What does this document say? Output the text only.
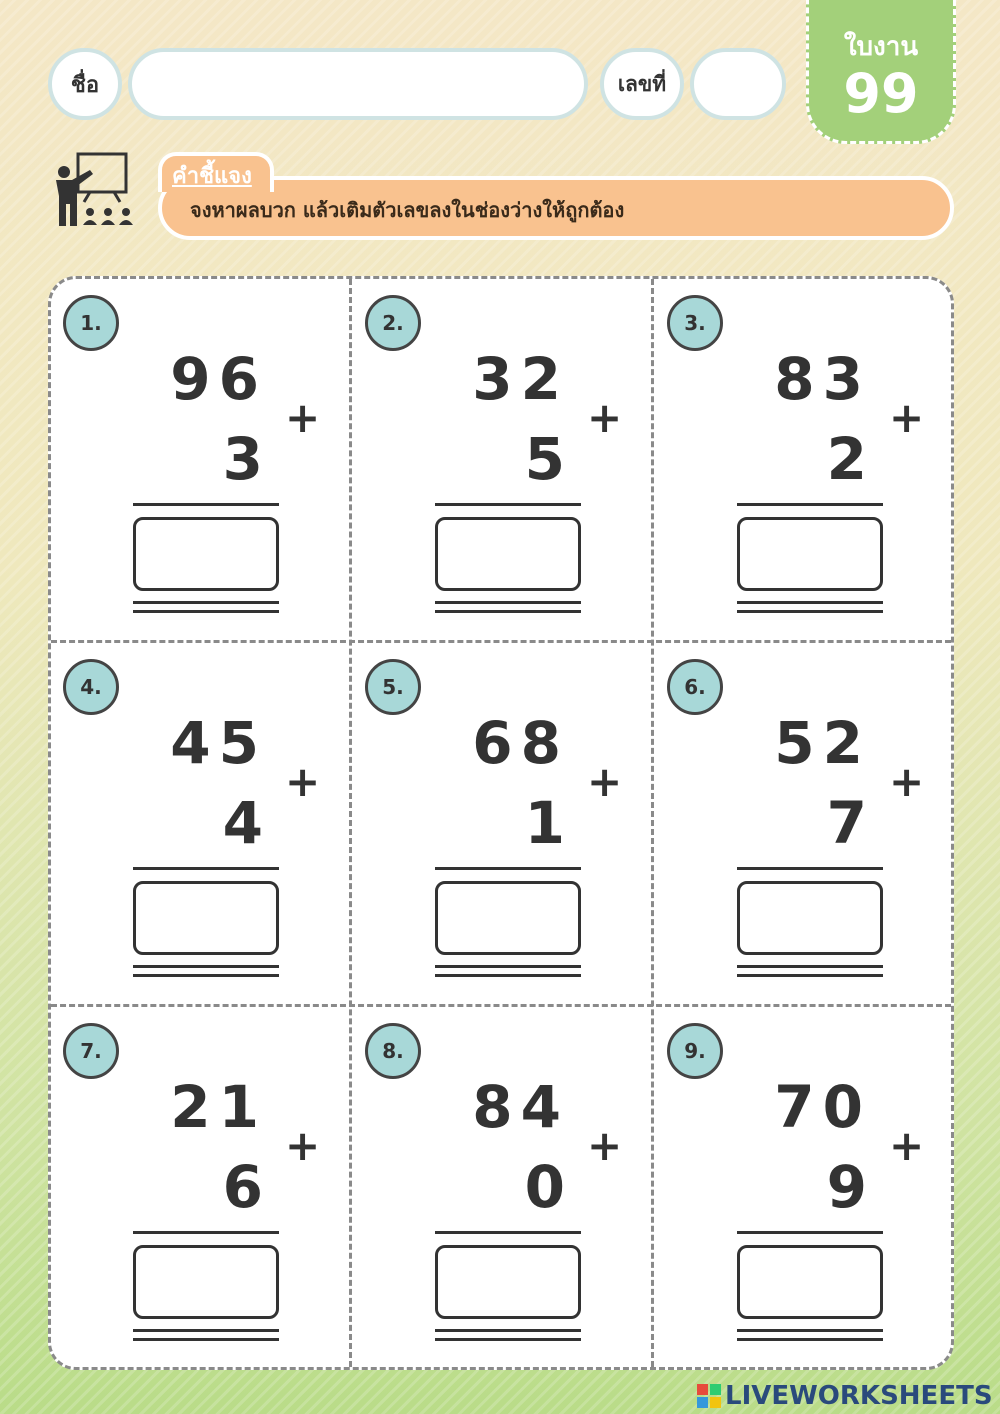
ชื่อ	เลขที่
ใบงาน
99
คำชี้แจง
จงหาผลบวก แล้วเติมตัวเลขลงในช่องว่างให้ถูกต้อง
1.
96
3
+
2.
32
5
+
3.
83
2
+
4.
45
4
+
5.
68
1
+
6.
52
7
+
7.
21
6
+
8.
84
0
+
9.
70
9
+
LIVEWORKSHEETS
